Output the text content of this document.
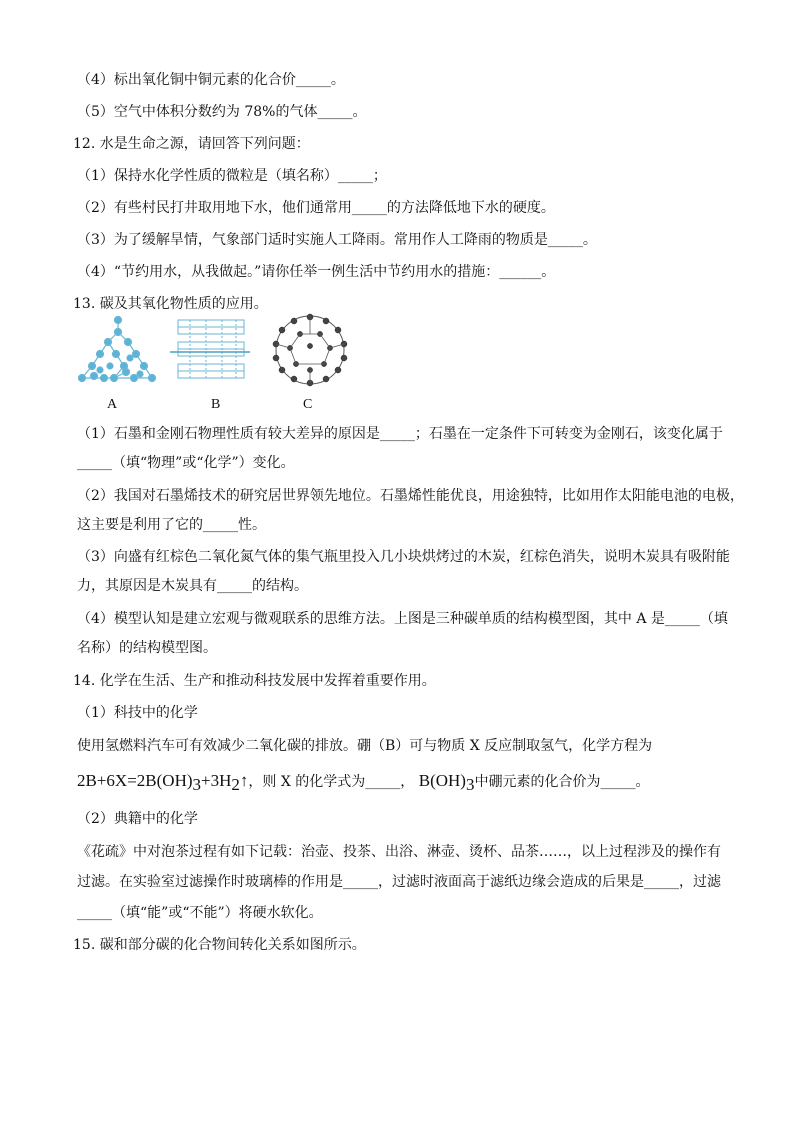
（4）标出氧化铜中铜元素的化合价_____。
（5）空气中体积分数约为 78%的气体_____。
12. 水是生命之源，请回答下列问题：
（1）保持水化学性质的微粒是（填名称）_____；
（2）有些村民打井取用地下水，他们通常用_____的方法降低地下水的硬度。
（3）为了缓解旱情，气象部门适时实施人工降雨。常用作人工降雨的物质是_____。
（4）“节约用水，从我做起。”请你任举一例生活中节约用水的措施：______。
13. 碳及其氧化物性质的应用。
A	B	C
（1）石墨和金刚石物理性质有较大差异的原因是_____；石墨在一定条件下可转变为金刚石，该变化属于
_____（填“物理”或“化学”）变化。
（2）我国对石墨烯技术的研究居世界领先地位。石墨烯性能优良，用途独特，比如用作太阳能电池的电极，
这主要是利用了它的_____性。
（3）向盛有红棕色二氧化氮气体的集气瓶里投入几小块烘烤过的木炭，红棕色消失，说明木炭具有吸附能
力，其原因是木炭具有_____的结构。
（4）模型认知是建立宏观与微观联系的思维方法。上图是三种碳单质的结构模型图，其中 A 是_____（填
名称）的结构模型图。
14. 化学在生活、生产和推动科技发展中发挥着重要作用。
（1）科技中的化学
使用氢燃料汽车可有效减少二氧化碳的排放。硼（B）可与物质 X 反应制取氢气，化学方程为
$2B+6X=2B(OH)_3+3H_2↑$，则 X 的化学式为_____， $B(OH)_3$中硼元素的化合价为_____。
（2）典籍中的化学
《花疏》中对泡茶过程有如下记载：治壶、投茶、出浴、淋壶、烫杯、品茶……，以上过程涉及的操作有
过滤。在实验室过滤操作时玻璃棒的作用是_____，过滤时液面高于滤纸边缘会造成的后果是_____，过滤
_____（填“能”或“不能”）将硬水软化。
15. 碳和部分碳的化合物间转化关系如图所示。
